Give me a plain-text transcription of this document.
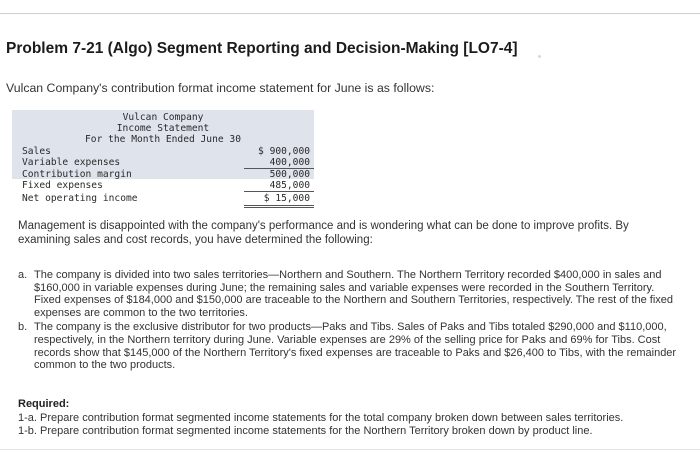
Problem 7-21 (Algo) Segment Reporting and Decision-Making [LO7-4]
Vulcan Company's contribution format income statement for June is as follows:
Vulcan Company
Income Statement
For the Month Ended June 30
Sales	$ 900,000
Variable expenses	400,000
Contribution margin	500,000
Fixed expenses	485,000
Net operating income	$ 15,000
Management is disappointed with the company's performance and is wondering what can be done to improve profits. By examining sales and cost records, you have determined the following:
a. The company is divided into two sales territories—Northern and Southern. The Northern Territory recorded $400,000 in sales and $160,000 in variable expenses during June; the remaining sales and variable expenses were recorded in the Southern Territory. Fixed expenses of $184,000 and $150,000 are traceable to the Northern and Southern Territories, respectively. The rest of the fixed expenses are common to the two territories.
b. The company is the exclusive distributor for two products—Paks and Tibs. Sales of Paks and Tibs totaled $290,000 and $110,000, respectively, in the Northern territory during June. Variable expenses are 29% of the selling price for Paks and 69% for Tibs. Cost records show that $145,000 of the Northern Territory's fixed expenses are traceable to Paks and $26,400 to Tibs, with the remainder common to the two products.
Required:
1-a. Prepare contribution format segmented income statements for the total company broken down between sales territories.
1-b. Prepare contribution format segmented income statements for the Northern Territory broken down by product line.
